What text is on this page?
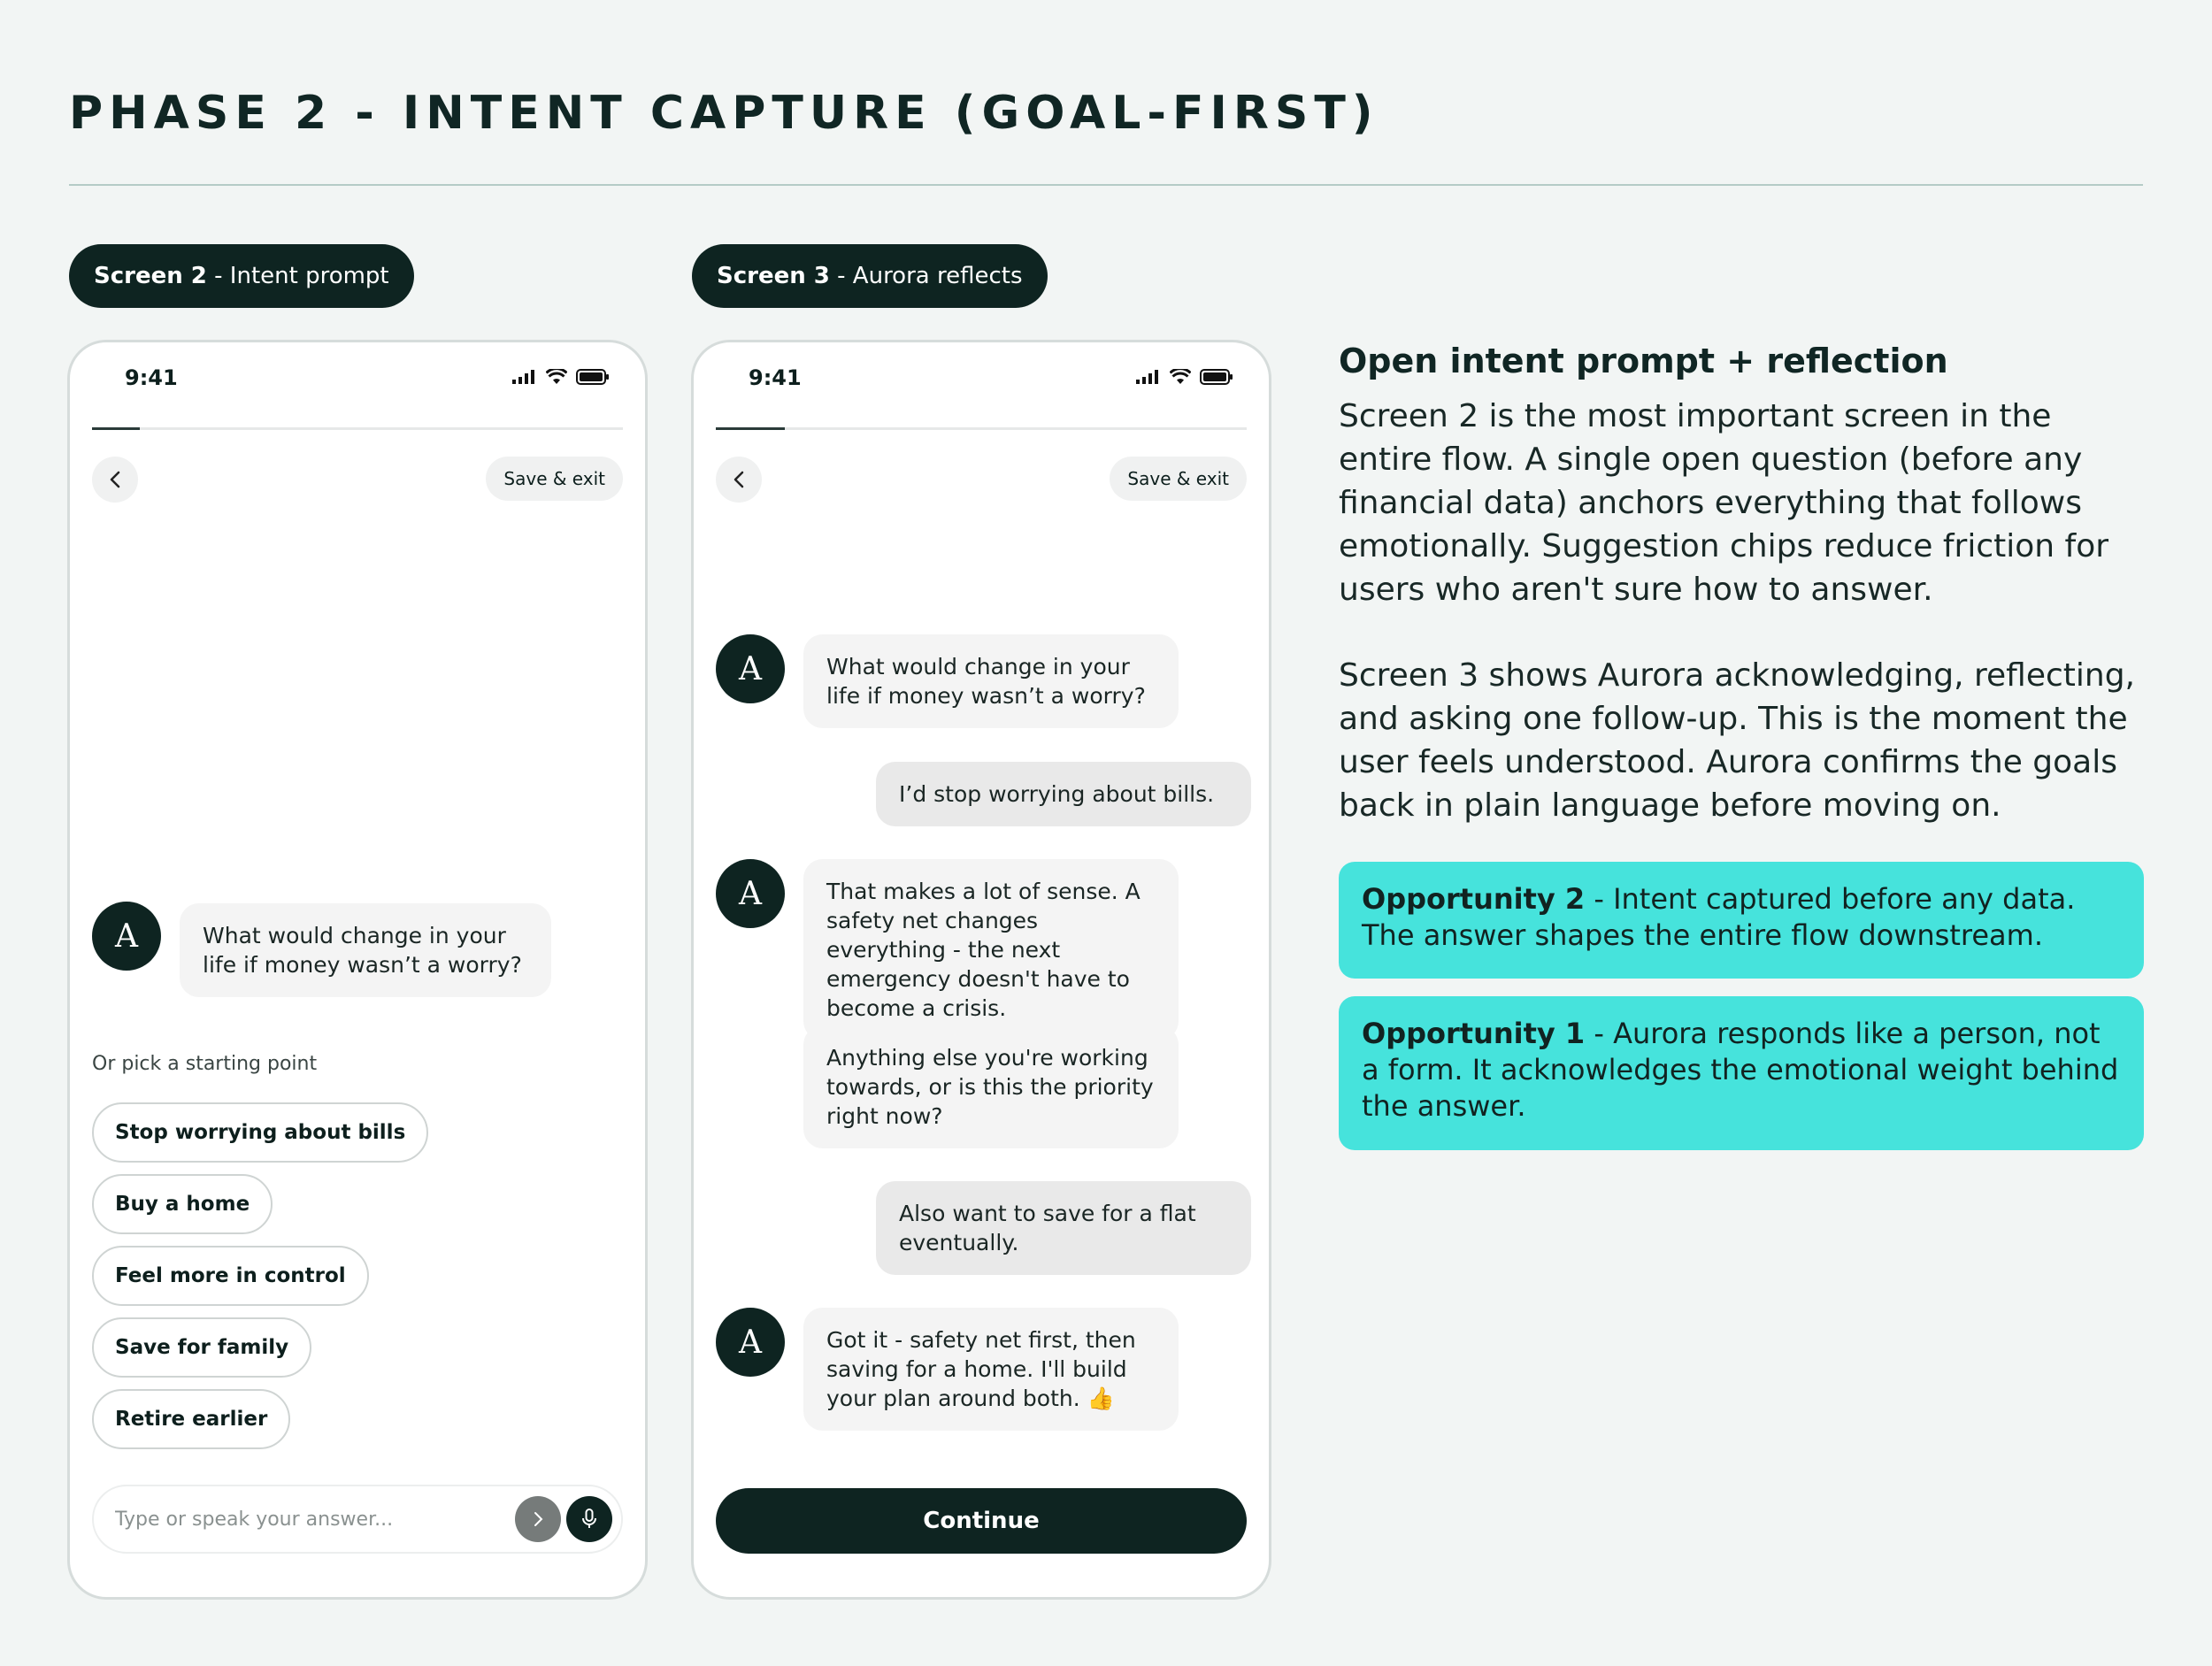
PHASE 2 - INTENT CAPTURE (GOAL-FIRST)
Screen 2 - Intent prompt	Screen 3 - Aurora reflects
9:41
Save & exit
A	What would change in your life if money wasn’t a worry?
Or pick a starting point
Stop worrying about bills
Buy a home
Feel more in control
Save for family
Retire earlier
Type or speak your answer...
9:41
Save & exit
A	What would change in your life if money wasn’t a worry?
I’d stop worrying about bills.
A	That makes a lot of sense. A safety net changes everything - the next emergency doesn't have to become a crisis.
Anything else you're working towards, or is this the priority right now?
Also want to save for a flat eventually.
A	Got it - safety net first, then saving for a home. I'll build your plan around both. 👍
Continue
Open intent prompt + reflection
Screen 2 is the most important screen in the entire flow. A single open question (before any financial data) anchors everything that follows emotionally. Suggestion chips reduce friction for users who aren't sure how to answer.
Screen 3 shows Aurora acknowledging, reflecting, and asking one follow-up. This is the moment the user feels understood. Aurora confirms the goals back in plain language before moving on.
Opportunity 2 - Intent captured before any data. The answer shapes the entire flow downstream.
Opportunity 1 - Aurora responds like a person, not a form. It acknowledges the emotional weight behind the answer.
